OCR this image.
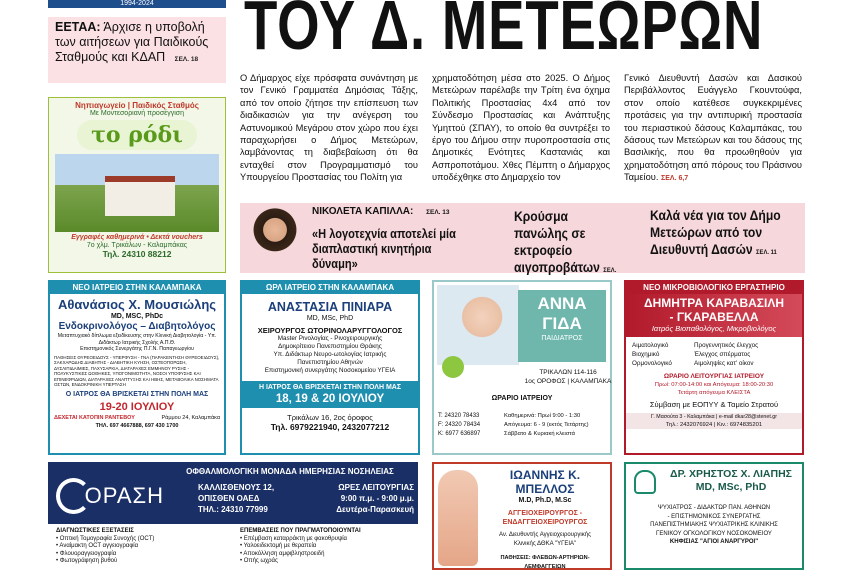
1994-2024	ΤΟΥ Δ. ΜΕΤΕΩΡΩΝ
ΕΕΤΑΑ: Άρχισε η υποβολή των αιτήσεων για Παιδικούς Σταθμούς και ΚΔΑΠ ΣΕΛ. 18
Νηπιαγωγείο | Παιδικός Σταθμός
Με Μοντεσοριανή προσέγγιση
το ρόδι
Εγγραφές καθημερινά • Δεκτά vouchers
7ο χλμ. Τρικάλων - Καλαμπάκας
Τηλ. 24310 88212
Ο Δήμαρχος είχε πρόσφατα συνάντηση με τον Γενικό Γραμματέα Δημόσιας Τάξης, από τον οποίο ζήτησε την επίσπευση των διαδικασιών για την ανέγερση του Αστυνομικού Μεγάρου στον χώρο που έχει παραχωρήσει ο Δήμος Μετεώρων, λαμβάνοντας τη διαβεβαίωση ότι θα ενταχθεί στον Προγραμματισμό του Υπουργείου Προστασίας του Πολίτη για
χρηματοδότηση μέσα στο 2025. Ο Δήμος Μετεώρων παρέλαβε την Τρίτη ένα όχημα Πολιτικής Προστασίας 4x4 από τον Σύνδεσμο Προστασίας και Ανάπτυξης Υμηττού (ΣΠΑΥ), το οποίο θα συντρέξει το έργο του Δήμου στην πυροπροστασία στις Δημοτικές Ενότητες Καστανιάς και Ασπροποτάμου. Χθες Πέμπτη ο Δήμαρχος υποδέχθηκε στο Δημαρχείο τον
Γενικό Διευθυντή Δασών και Δασικού Περιβάλλοντος Ευάγγελο Γκουντούφα, στον οποίο κατέθεσε συγκεκριμένες προτάσεις για την αντιπυρική προστασία του περιαστικού δάσους Καλαμπάκας, του δάσους των Μετεώρων και του δάσους της Βασιλικής, που θα προωθηθούν για χρηματοδότηση από πόρους του Πράσινου Ταμείου. ΣΕΛ. 6,7
ΝΙΚΟΛΕΤΑ ΚΑΠΙΛΛΑ: ΣΕΛ. 13
«Η λογοτεχνία αποτελεί μία διαπλαστική κινητήρια δύναμη»
Κρούσμα πανώλης σε εκτροφείο αιγοπροβάτων ΣΕΛ.
Καλά νέα για τον Δήμο Μετεώρων από τον Διευθυντή Δασών ΣΕΛ. 11
ΝΕΟ ΙΑΤΡΕΙΟ ΣΤΗΝ ΚΑΛΑΜΠΑΚΑ
Αθανάσιος Χ. Μουσιώλης
MD, MSC, PhDc
Ενδοκρινολόγος – Διαβητολόγος
Μεταπτυχιακό δίπλωμα εξειδίκευσης στην Κλινική Διαβητολογία - Υπ. Διδάκτωρ Ιατρικής Σχολής Α.Π.Θ.
Επιστημονικός Συνεργάτης Π.Γ.Ν. Παπαγεωργίου
ΠΑΘΗΣΕΙΣ ΘΥΡΕΟΕΙΔΟΥΣ - ΥΠΕΡΦΥΣΗ - ΓΝΑ (ΠΑΡΑΚΕΝΤΗΣΗ ΘΥΡΕΟΕΙΔΟΥΣ), ΣΑΚΧΑΡΩΔΗΣ ΔΙΑΒΗΤΗΣ - ΔΙΑΒΗΤΙΚΗ ΚΥΗΣΗ, ΟΣΤΕΟΠΟΡΩΣΗ, ΔΥΣΛΙΠΙΔΑΙΜΙΕΣ, ΠΑΧΥΣΑΡΚΙΑ, ΔΙΑΤΑΡΑΧΕΣ ΕΜΜΗΝΟΥ ΡΥΣΗΣ - ΠΟΛΥΚΥΣΤΙΚΕΣ ΩΟΘΗΚΕΣ, ΥΠΟΓΟΝΙΜΟΤΗΤΑ, ΝΟΣΟΙ ΥΠΟΦΥΣΗΣ ΚΑΙ ΕΠΙΝΕΦΡΙΔΙΩΝ, ΔΙΑΤΑΡΑΧΕΣ ΑΝΑΠΤΥΞΗΣ ΚΑΙ ΗΒΗΣ, ΜΕΤΑΒΟΛΙΚΑ ΝΟΣΗΜΑΤΑ ΟΣΤΩΝ, ΕΝΔΟΚΡΙΝΙΚΗ ΥΠΕΡΤΑΣΗ
Ο ΙΑΤΡΟΣ ΘΑ ΒΡΙΣΚΕΤΑΙ ΣΤΗΝ ΠΟΛΗ ΜΑΣ
19-20 ΙΟΥΛΙΟΥ
ΔΕΧΕΤΑΙ ΚΑΤΟΠΙΝ ΡΑΝΤΕΒΟΥ	Ράμμου 24, Καλαμπάκα
ΤΗΛ. 697 4667888, 697 430 1700
ΩΡΛ ΙΑΤΡΕΙΟ ΣΤΗΝ ΚΑΛΑΜΠΑΚΑ
ΑΝΑΣΤΑΣΙΑ ΠΙΝΙΑΡΑ
MD, MSc, PhD
ΧΕΙΡΟΥΡΓΟΣ ΩΤΟΡΙΝΟΛΑΡΥΓΓΟΛΟΓΟΣ
Master Ρινολογίας - Ρινοχειρουργικής
Δημοκρίτειου Πανεπιστημίου Θράκης
Υπ. Διδάκτωρ Νευρο-ωτολογίας Ιατρικής
Πανεπιστημίου Αθηνών
Επιστημονική συνεργάτης Νοσοκομείου ΥΓΕΙΑ
Η ΙΑΤΡΟΣ ΘΑ ΒΡΙΣΚΕΤΑΙ ΣΤΗΝ ΠΟΛΗ ΜΑΣ
18, 19 & 20 ΙΟΥΛΙΟΥ
Τρικάλων 16, 2ος όροφος
Τηλ. 6979221940, 2432077212
ΑΝΝΑ
ΓΙΔΑ
ΠΑΙΔΙΑΤΡΟΣ
ΤΡΙΚΑΛΩΝ 114-116
1ος ΟΡΟΦΟΣ | ΚΑΛΑΜΠΑΚΑ
ΩΡΑΡΙΟ ΙΑΤΡΕΙΟΥ
Τ: 24320 78433
F: 24320 78434
Κ: 6977 636897
Καθημερινά: Πρωί 9:00 - 1:30
Απόγευμα: 6 - 9 (εκτός Τετάρτης)
Σάββατο & Κυριακή κλειστά
ΝΕΟ ΜΙΚΡΟΒΙΟΛΟΓΙΚΟ ΕΡΓΑΣΤΗΡΙΟ
ΔΗΜΗΤΡΑ ΚΑΡΑΒΑΣΙΛΗ
- ΓΚΑΡΑΒΕΛΛΑ
Ιατρός Βιοπαθολόγος, Μικροβιολόγος
Αιματολογικό
Βιοχημικό
Ορμονολογικό
Προγεννητικός έλεγχος
Έλεγχος σπέρματος
Αιμοληψίες κατ' οίκον
ΩΡΑΡΙΟ ΛΕΙΤΟΥΡΓΙΑΣ ΙΑΤΡΕΙΟΥ
Πρωί: 07:00-14:00 και Απόγευμα: 18:00-20:30
Τετάρτη απόγευμα ΚΛΕΙΣΤΑ
Σύμβαση με ΕΟΠΥΥ & Ταμείο Στρατού
Γ. Μασούτα 3 - Καλαμπάκα | e-mail dkar28@stenet.gr
Τηλ.: 2432076924 | Κιν.: 6974835201
ΟΡΑΣΗ
ΟΦΘΑΛΜΟΛΟΓΙΚΗ ΜΟΝΑΔΑ ΗΜΕΡΗΣΙΑΣ ΝΟΣΗΛΕΙΑΣ
ΚΑΛΛΙΣΘΕΝΟΥΣ 12,
ΟΠΙΣΘΕΝ ΟΑΕΔ
ΤΗΛ.: 24310 77999
ΩΡΕΣ ΛΕΙΤΟΥΡΓΙΑΣ
9:00 π.μ. - 9:00 μ.μ.
Δευτέρα-Παρασκευή
ΔΙΑΓΝΩΣΤΙΚΕΣ ΕΞΕΤΑΣΕΙΣ
• Οπτική Τομογραφία Συνοχής (OCT)
• Αναίμακτη OCT αγγειογραφία
• Φλουοραγγειογραφία
• Φωτογράφηση βυθού
ΕΠΕΜΒΑΣΕΙΣ ΠΟΥ ΠΡΑΓΜΑΤΟΠΟΙΟΥΝΤΑΙ
• Επέμβαση καταρράκτη με φακοθρυψία
• Υαλοειδεκτομή με θεραπεία
• Αποκόλληση αμφιβληστροειδή
• Οπής ωχράς
ΙΩΑΝΝΗΣ Κ. ΜΠΕΛΛΟΣ
M.D, Ph.D, M.Sc
ΑΓΓΕΙΟΧΕΙΡΟΥΡΓΟΣ -
ΕΝΔΑΓΓΕΙΟΧΕΙΡΟΥΡΓΟΣ
Αν. Διευθυντής Αγγειοχειρουργικής
Κλινικής ΔΘΚΑ "ΥΓΕΙΑ"
ΠΑΘΗΣΕΙΣ: ΦΛΕΒΩΝ-ΑΡΤΗΡΙΩΝ-ΛΕΜΦΑΓΓΕΙΩΝ
ΔΡ. ΧΡΗΣΤΟΣ Χ. ΛΙΑΠΗΣ
MD, MSc, PhD
ΨΥΧΙΑΤΡΟΣ - ΔΙΔΑΚΤΩΡ ΠΑΝ. ΑΘΗΝΩΝ
- ΕΠΙΣΤΗΜΟΝΙΚΟΣ ΣΥΝΕΡΓΑΤΗΣ
ΠΑΝΕΠΙΣΤΗΜΙΑΚΗΣ ΨΥΧΙΑΤΡΙΚΗΣ ΚΛΙΝΙΚΗΣ
ΓΕΝΙΚΟΥ ΟΓΚΟΛΟΓΙΚΟΥ ΝΟΣΟΚΟΜΕΙΟΥ
ΚΗΦΙΣΙΑΣ "ΑΓΙΟΙ ΑΝΑΡΓΥΡΟΙ"
